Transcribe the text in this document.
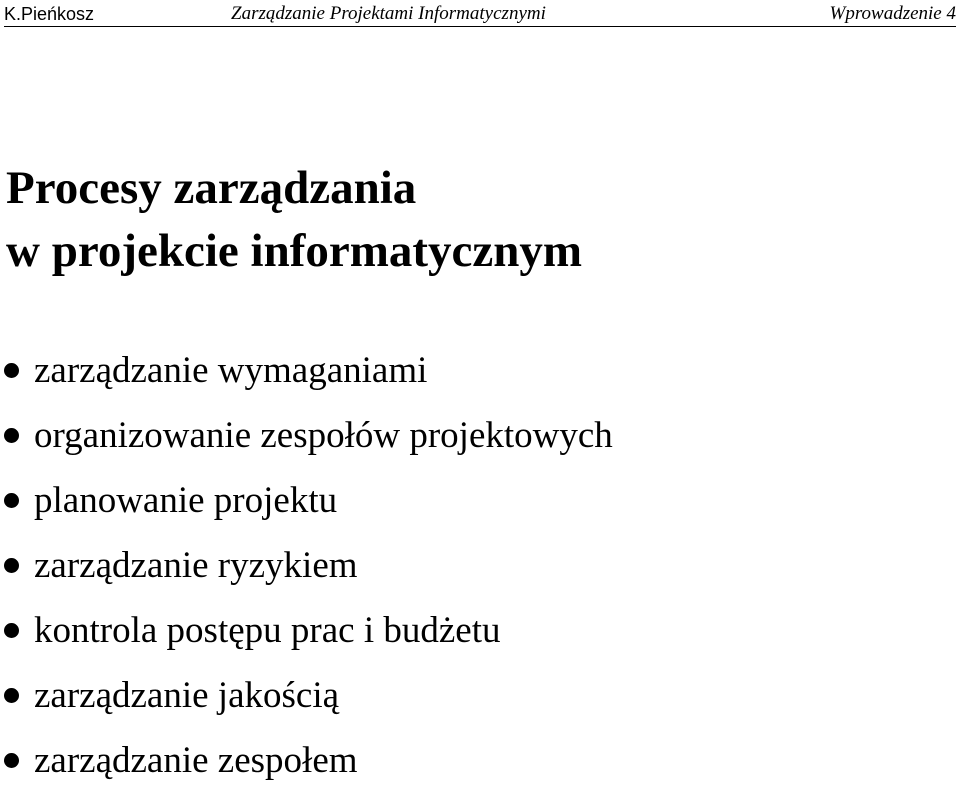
K.Pieńkosz	Zarządzanie Projektami Informatycznymi	Wprowadzenie 4
Procesy zarządzania
w projekcie informatycznym
zarządzanie wymaganiami
organizowanie zespołów projektowych
planowanie projektu
zarządzanie ryzykiem
kontrola postępu prac i budżetu
zarządzanie jakością
zarządzanie zespołem
